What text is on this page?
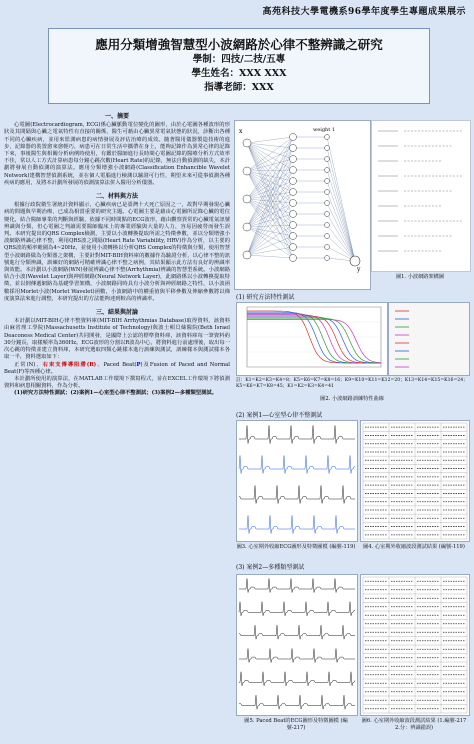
高苑科技大學電機系96學年度學生專題成果展示
應用分類增強智慧型小波網路於心律不整辨識之研究
學制：四技/二技/五專
學生姓名：XXX XXX
指導老師：XXX
一、摘要

心電圖(Electrocardiogram, ECG)係心臟脈動電位變化的圖形，由於心電圖各種波形的形狀及其間隔與心臟之電氣特性有直接的關係，醫生可藉由心臟異常電氣狀態的狀況，診斷出各種不同的心臟疾病，並用來監測病患的病情發展及評估治療的成效。隨著醫用儀器製造技術的進步，記錄器的裝置愈來愈輕巧，病患可在日常生活中攜帶在身上，能夠記錄作為異常心律的記錄下來，事後醫生與相關分析病例時使用，有鑑於醫師進行長時間心電圖記錄的醫療分析方式效率不佳，常以人工方式計算病患每分鐘心跳次數(Heart Rate)的記錄，無法自動偵測的缺失，本計劃將發展自動偵測的演算法。應用分類增強小波網路(Classification Enhancible Wavelet Network)建構智慧偵測系統，並在個人電腦進行檢測以驗證可行性，期望未來可從事偵測各種疾病的應用，及將本計劃所發展的偵測演算法併入醫用分析儀器。

二、材料與方法

根據行政院衛生署統計資料顯示，心臟疾病已是臺灣十大死亡原因之一，故對早期發現心臟病的問題與早期治療，已成為相當重要的研究主題。心電圖主要是藉由心電圖所記錄心臟的電位變化，結合醫師專業的判斷與經驗，依據不同時間點的ECG波形，藉由觀察異常的心臟電氣訊號辨識與分類，但心電圖之判讀需要醫師臨床上的專業經驗與大量的人力，容易因疲勞而發生誤判。本研究提出的QRS Complex檢測，主要以小波轉換提取所需之特徵參數，並以分類增強小波網路辨識心律不整，利用QRS波之間隔(Heart Rate Variability, HRV)作為分析，以主要的QRS波的頻率範圍為4~20Hz，並使用小波轉換以分析QRS Complex的特徵與分類，使用智慧型小波網路做為分類器之架構，主要針對MIT-BIH資料庫的數據作為驗證分析，以心律不整的訊號進行分類辨識，訓練好的網路可精確辨識心律不整之病例，其結果顯示此方法有良好的辨識率與效能。本計劃以小波網路(WN)發展辨識心律不整(Arrhythmia)辨識的智慧型系統。小波網路結合小波(Wavelet Layer)與神經網路(Neural Network Layer)，此網路係以小波轉換提取特徵，並以倒傳遞網路為基礎學習架構，小波網路同時具有小波分析與神經網路之特性，以小波函數採用Morlet小波(Morlet Wavelet)函數，小波網路中的權重值與平移參數及伸縮參數將以梯度演算法來進行調整，本研究提出的方法能夠達到較高的辨識率。

三、結果與討論

本計劃以MIT-BIH心律不整資料庫(MIT-BIH Arrhythmias Database)取得資料，該資料由麻省理工學院(Massachusetts Institute of Technology)與波士頓貝絲醫院(Beth Israel Deaconess Medical Center)共同開發，是國際上公認的標準資料庫，該資料庫每一筆資料約30分鐘長，取樣頻率為360Hz。ECG波形的分割以R波為中心，將資料進行前處理後，取出每一次心跳的特徵並建立資料庫，本研究選取四類心跳樣本進行訓練與測試，訓練樣本與測試樣本各取一半，資料選取如下：

正常(N)、右束支傳導阻滯(R)、Paced Beat(P)及Fusion of Paced and Normal Beat(F)等四種心律。

本計劃所使用的演算法，在MATLAB工作環境下撰寫程式，並在EXCEL工作環境下將偵測資料和病患相關資料，作為分析。

(1)研究方法特性測試；(2)案例1—心室型心律不整測試；(3)案例2—多種類型測試。

x	weight 1
y
圖1. 小波網路架構圖
(1) 研究方法特性測試
註：K1=K2=K3=K4=8；K5=K6=K7=K8=16；K9=K10=K11=K12=20；K13=K14=K15=K16=24；K5=K6=K7=K8=45；K1=K2=K3=K4=41
圖2. 小波網路訓練特性曲線
(2) 案例1—心室型心律不整測試
圖3. 心室期外收縮ECG圖形及特徵圖模 (編號-119)	圖4. 心室期外收縮波段測試結果 (編號-119)
(3) 案例2—多種類型測試
圖5. Paced Beat的ECG圖形及特徵圖模 (編號-217)
圖6. 心室期外收縮波段測試結果 (1.編號-217 2.分：辨識錯誤)
